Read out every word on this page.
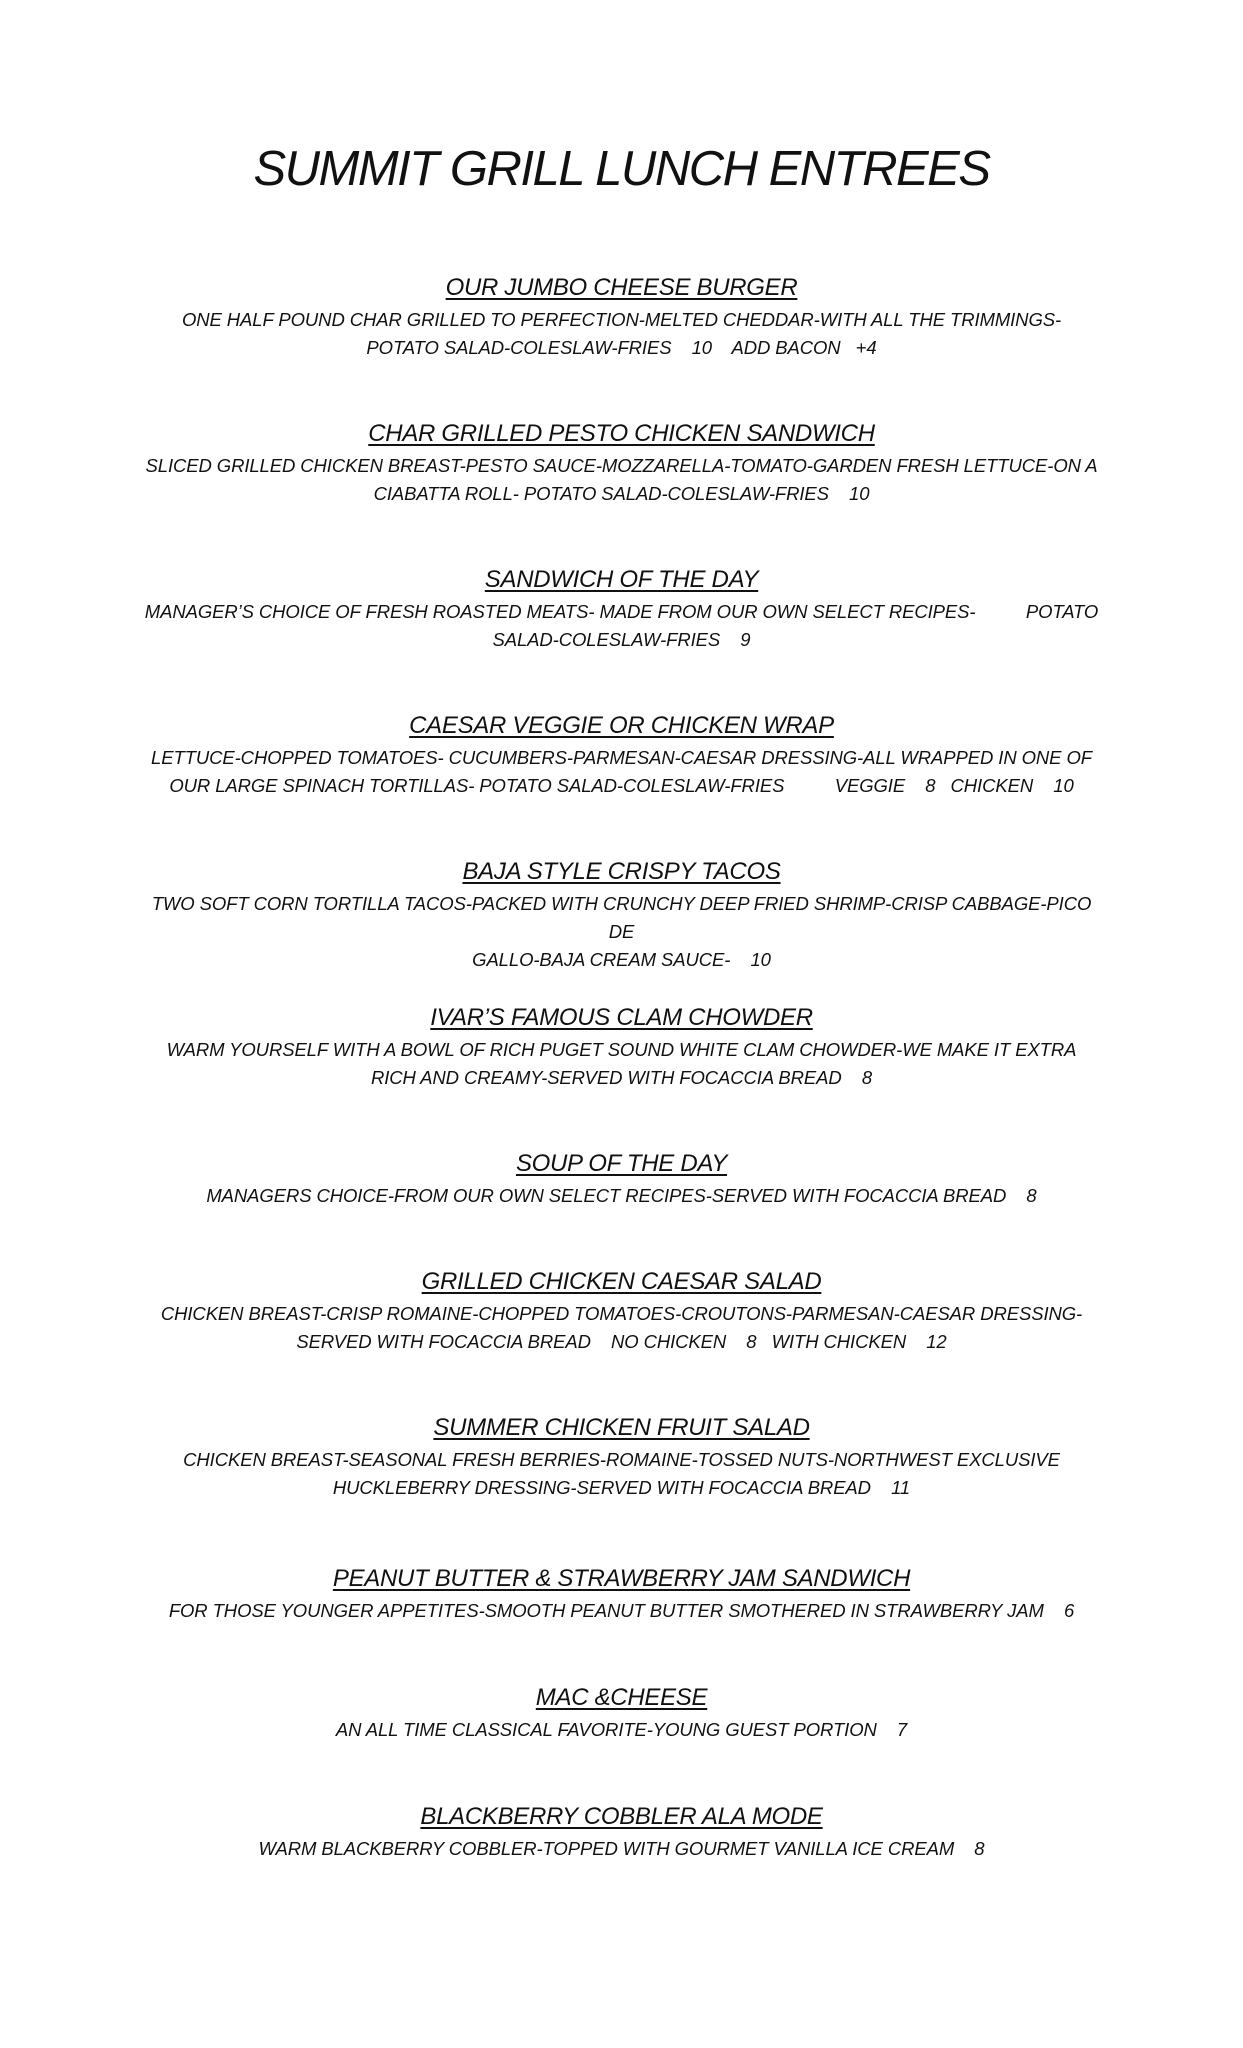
SUMMIT GRILL LUNCH ENTREES
OUR JUMBO CHEESE BURGER
ONE HALF POUND CHAR GRILLED TO PERFECTION-MELTED CHEDDAR-WITH ALL THE TRIMMINGS-
POTATO SALAD-COLESLAW-FRIES    10    ADD BACON   +4
CHAR GRILLED PESTO CHICKEN SANDWICH
SLICED GRILLED CHICKEN BREAST-PESTO SAUCE-MOZZARELLA-TOMATO-GARDEN FRESH LETTUCE-ON A
CIABATTA ROLL- POTATO SALAD-COLESLAW-FRIES    10
SANDWICH OF THE DAY
MANAGER’S CHOICE OF FRESH ROASTED MEATS- MADE FROM OUR OWN SELECT RECIPES-          POTATO
SALAD-COLESLAW-FRIES    9
CAESAR VEGGIE OR CHICKEN WRAP
LETTUCE-CHOPPED TOMATOES- CUCUMBERS-PARMESAN-CAESAR DRESSING-ALL WRAPPED IN ONE OF
OUR LARGE SPINACH TORTILLAS- POTATO SALAD-COLESLAW-FRIES          VEGGIE    8   CHICKEN    10
BAJA STYLE CRISPY TACOS
TWO SOFT CORN TORTILLA TACOS-PACKED WITH CRUNCHY DEEP FRIED SHRIMP-CRISP CABBAGE-PICO DE
GALLO-BAJA CREAM SAUCE-    10
IVAR’S FAMOUS CLAM CHOWDER
WARM YOURSELF WITH A BOWL OF RICH PUGET SOUND WHITE CLAM CHOWDER-WE MAKE IT EXTRA
RICH AND CREAMY-SERVED WITH FOCACCIA BREAD    8
SOUP OF THE DAY
MANAGERS CHOICE-FROM OUR OWN SELECT RECIPES-SERVED WITH FOCACCIA BREAD    8
GRILLED CHICKEN CAESAR SALAD
CHICKEN BREAST-CRISP ROMAINE-CHOPPED TOMATOES-CROUTONS-PARMESAN-CAESAR DRESSING-
SERVED WITH FOCACCIA BREAD    NO CHICKEN    8   WITH CHICKEN    12
SUMMER CHICKEN FRUIT SALAD
CHICKEN BREAST-SEASONAL FRESH BERRIES-ROMAINE-TOSSED NUTS-NORTHWEST EXCLUSIVE
HUCKLEBERRY DRESSING-SERVED WITH FOCACCIA BREAD    11
PEANUT BUTTER & STRAWBERRY JAM SANDWICH
FOR THOSE YOUNGER APPETITES-SMOOTH PEANUT BUTTER SMOTHERED IN STRAWBERRY JAM    6
MAC &CHEESE
AN ALL TIME CLASSICAL FAVORITE-YOUNG GUEST PORTION    7
BLACKBERRY COBBLER ALA MODE
WARM BLACKBERRY COBBLER-TOPPED WITH GOURMET VANILLA ICE CREAM    8
